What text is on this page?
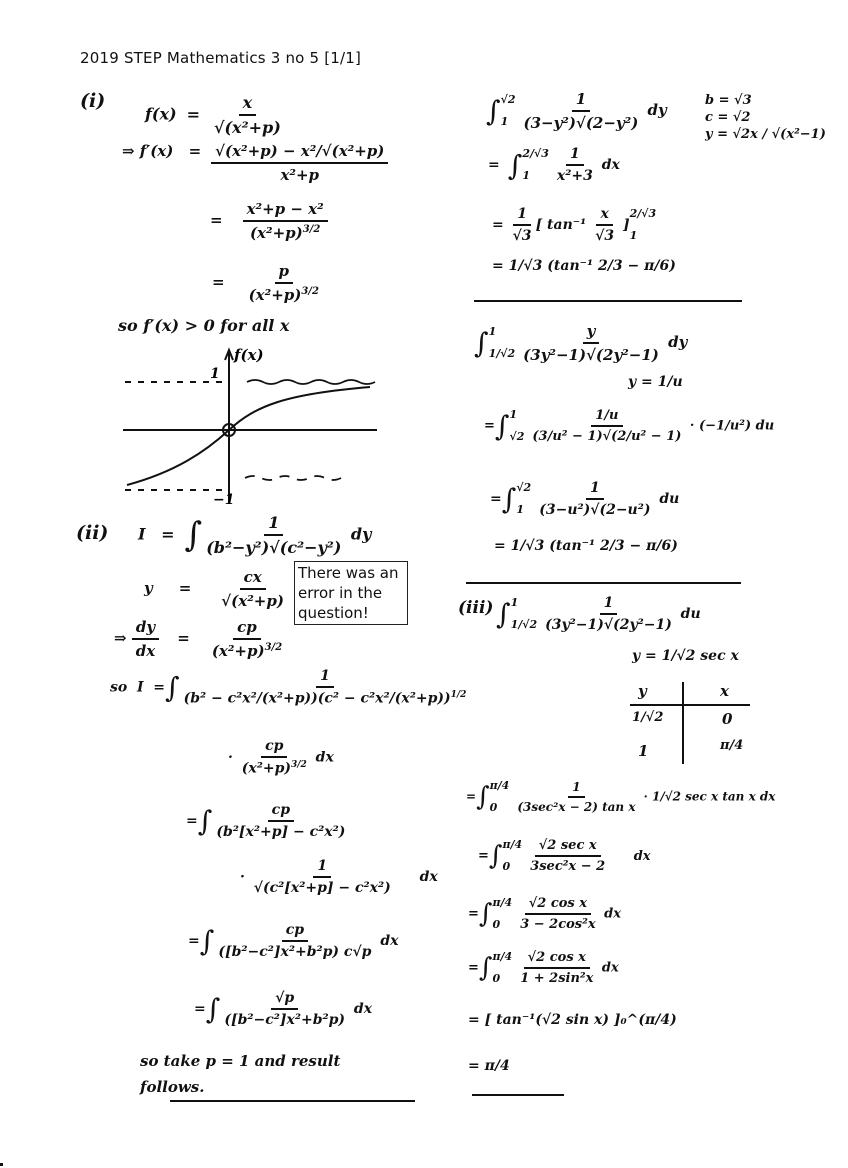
2019 STEP Mathematics 3 no 5 [1/1]
(i)
$f(x) = \frac{x}{\text{√(x²+p)}}$
⇒ $f'(x) = \frac{\text{√(x²+p) − x²/√(x²+p)}}{\text{x²+p}}$
= $\frac{\text{x²+p − x²}}{(x^2+p)^{3/2}}$
= $\frac{p}{(x^2+p)^{3/2}}$
so f′(x) > 0 for all x
f(x)
1
−1
(ii) I = ∫ $\frac{1}{\text{(b²−y²)√(c²−y²)}}$ dy
$y = \frac{cx}{\text{√(x²+p)}}$
⇒ $\frac{dy}{dx} = \frac{cp}{(x^2+p)^{3/2}}$
so  I  =∫ $\frac{1}{(b^2 - c^2x^2/(x^2+p))(c^2 - c^2x^2/(x^2+p))^{1/2}}$
· $\frac{cp}{(x^2+p)^{3/2}}$ dx
=∫ $\frac{cp}{\text{(b²[x²+p] − c²x²)}}$
· $\frac{1}{\text{√(c²[x²+p] − c²x²)}}$ dx
=∫ $\frac{cp}{\text{([b²−c²]x²+b²p) c√p}}$ dx
=∫ $\frac{√p}{\text{([b²−c²]x²+b²p)}}$ dx
so take p = 1 and result
follows.
There was an error in the question!
∫ √2
$1 \frac{1}{\text{(3−y²)√(2−y²)}}$ dy
b = √3
c = √2
y = √2x / √(x²−1)
= ∫ 2/√3
1	$\frac{1}{\text{x²+3}}$ dx
= $\frac{1}{√3}$ [ $\tan^{-1} \frac{x}{√3}$ ]
2/√3
1
= 1/√3 (tan⁻¹ 2/3 − π/6)
∫ 1
$1/√2 \frac{y}{\text{(3y²−1)√(2y²−1)}}$ dy
y = 1/u
=∫ 1
$√2 \frac{1/u}{\text{(3/u² − 1)√(2/u² − 1)}} \cdot (-1/u^2)$ du
=∫ √2
$1 \frac{1}{\text{(3−u²)√(2−u²)}}$ du
= 1/√3 (tan⁻¹ 2/3 − π/6)
(iii) ∫ 1
$1/√2 \frac{1}{\text{(3y²−1)√(2y²−1)}}$ du
y = 1/√2 sec x
y	x
1/√2	0
1	π/4
=∫ π/4
0	$\frac{1}{\text{(3sec²x − 2) tan x}} \cdot 1/√2$ sec x tan x dx
=∫ π/4
0	$\frac{\text{√2 sec x}}{\text{3sec²x − 2}}$ dx
=∫ π/4
0	$\frac{\text{√2 cos x}}{\text{3 − 2cos²x}}$ dx
=∫ π/4
0	$\frac{\text{√2 cos x}}{\text{1 + 2sin²x}}$ dx
= [ tan⁻¹(√2 sin x) ]₀^(π/4)
= π/4
